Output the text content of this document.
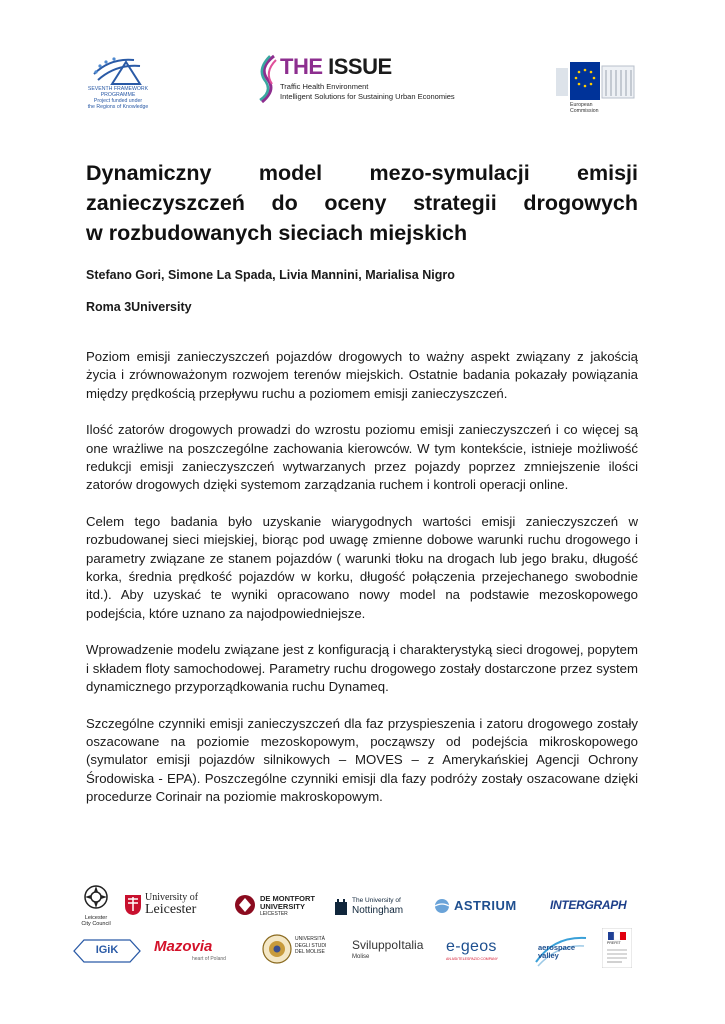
SEVENTH FRAMEWORK
PROGRAMME
Project funded under
the Regions of Knowledge
THE ISSUE
Traffic Health Environment
Intelligent Solutions for Sustaining Urban Economies
European
Commission
Dynamiczny model mezo-symulacji emisji
zanieczyszczeń do oceny strategii drogowych
w rozbudowanych sieciach miejskich
Stefano Gori, Simone La Spada, Livia Mannini, Marialisa Nigro
Roma 3University

Poziom emisji zanieczyszczeń pojazdów drogowych to ważny aspekt związany z jakością życia i zrównoważonym rozwojem terenów miejskich. Ostatnie badania pokazały powiązania między prędkością przepływu ruchu a poziomem emisji zanieczyszczeń.

Ilość zatorów drogowych prowadzi do wzrostu poziomu emisji zanieczyszczeń i co więcej są one wrażliwe na poszczególne zachowania kierowców. W tym kontekście, istnieje możliwość redukcji emisji zanieczyszczeń wytwarzanych przez pojazdy poprzez zmniejszenie ilości zatorów drogowych dzięki systemom zarządzania ruchem i kontroli operacji online.

Celem tego badania było uzyskanie wiarygodnych wartości emisji zanieczyszczeń w rozbudowanej sieci miejskiej, biorąc pod uwagę zmienne dobowe warunki ruchu drogowego i parametry związane ze stanem pojazdów ( warunki tłoku na drogach lub jego braku, długość korka, średnia prędkość pojazdów w korku, długość połączenia przejechanego swobodnie itd.). Aby uzyskać te wyniki opracowano nowy model na podstawie mezoskopowego podejścia, które uznano za najodpowiedniejsze.

Wprowadzenie modelu związane jest z konfiguracją i charakterystyką sieci drogowej, popytem i składem floty samochodowej. Parametry ruchu drogowego zostały dostarczone przez system dynamicznego przyporządkowania ruchu Dynameq.

Szczególne czynniki emisji zanieczyszczeń dla faz przyspieszenia i zatoru drogowego zostały oszacowane na poziomie mezoskopowym, począwszy od podejścia mikroskopowego (symulator emisji pojazdów silnikowych – MOVES – z Amerykańskiej Agencji Ochrony Środowiska - EPA). Poszczególne czynniki emisji dla fazy podróży zostały oszacowane dzięki procedurze Corinair na poziomie makroskopowym.

Leicester
City Council
University of
Leicester
DE MONTFORT
UNIVERSITY
LEICESTER
The University of
Nottingham	ASTRIUM	INTERGRAPH
IGiK	Mazovia
heart of Poland
UNIVERSITÀ
DEGLI STUDI
DEL MOLISE SviluppoItalia
Molise
e-geos
AN ASI/TELESPAZIO COMPANY
aerospace
valley
PREFET
